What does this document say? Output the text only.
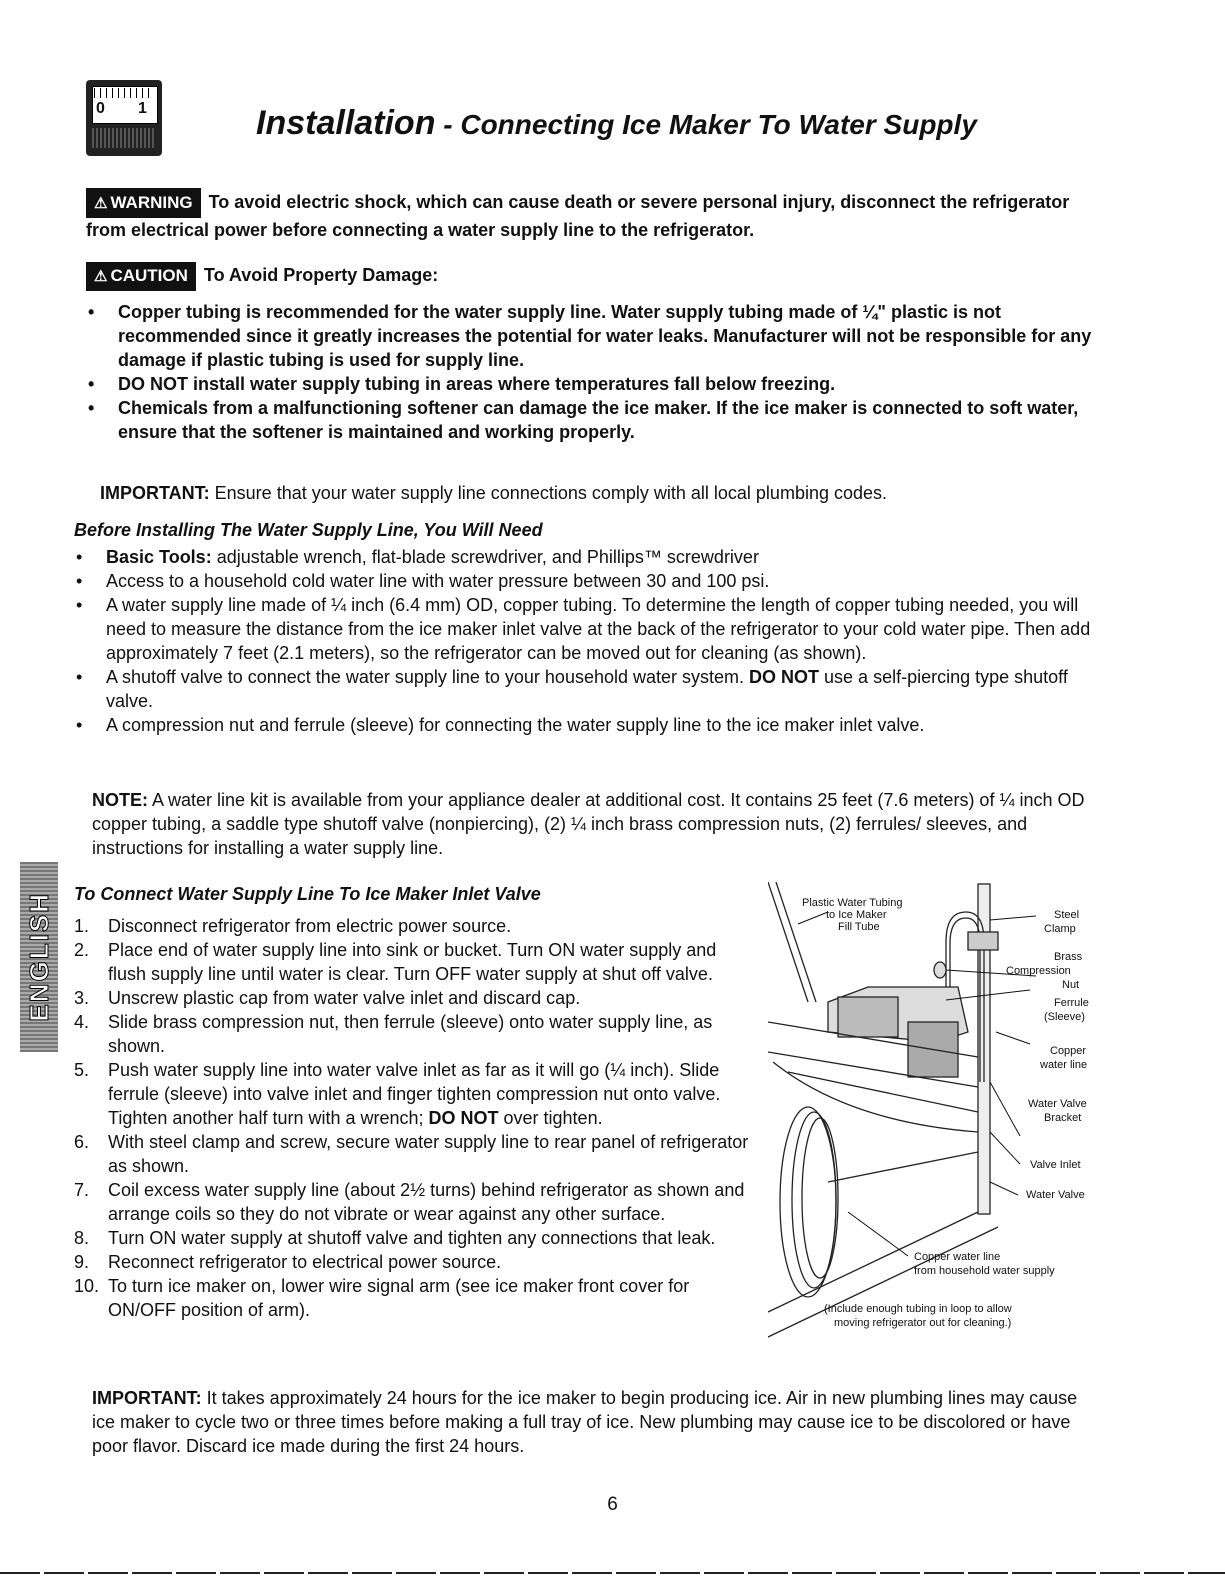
0 1	Installation - Connecting Ice Maker To Water Supply
⚠ WARNING To avoid electric shock, which can cause death or severe personal injury, disconnect the refrigerator from electrical power before connecting a water supply line to the refrigerator.
⚠ CAUTION To Avoid Property Damage:
• Copper tubing is recommended for the water supply line. Water supply tubing made of ¼" plastic is not recommended since it greatly increases the potential for water leaks. Manufacturer will not be responsible for any damage if plastic tubing is used for supply line.
• DO NOT install water supply tubing in areas where temperatures fall below freezing.
• Chemicals from a malfunctioning softener can damage the ice maker. If the ice maker is connected to soft water, ensure that the softener is maintained and working properly.
IMPORTANT: Ensure that your water supply line connections comply with all local plumbing codes.
Before Installing The Water Supply Line, You Will Need
• Basic Tools: adjustable wrench, flat-blade screwdriver, and Phillips™ screwdriver
• Access to a household cold water line with water pressure between 30 and 100 psi.
• A water supply line made of ¼ inch (6.4 mm) OD, copper tubing. To determine the length of copper tubing needed, you will need to measure the distance from the ice maker inlet valve at the back of the refrigerator to your cold water pipe. Then add approximately 7 feet (2.1 meters), so the refrigerator can be moved out for cleaning (as shown).
• A shutoff valve to connect the water supply line to your household water system. DO NOT use a self-piercing type shutoff valve.
• A compression nut and ferrule (sleeve) for connecting the water supply line to the ice maker inlet valve.
NOTE: A water line kit is available from your appliance dealer at additional cost. It contains 25 feet (7.6 meters) of ¼ inch OD copper tubing, a saddle type shutoff valve (nonpiercing), (2) ¼ inch brass compression nuts, (2) ferrules/ sleeves, and instructions for installing a water supply line.
ENGLISH To Connect Water Supply Line To Ice Maker Inlet Valve
1. Disconnect refrigerator from electric power source.
2. Place end of water supply line into sink or bucket. Turn ON water supply and flush supply line until water is clear. Turn OFF water supply at shut off valve.
3. Unscrew plastic cap from water valve inlet and discard cap.
4. Slide brass compression nut, then ferrule (sleeve) onto water supply line, as shown.
5. Push water supply line into water valve inlet as far as it will go (¼ inch). Slide ferrule (sleeve) into valve inlet and finger tighten compression nut onto valve. Tighten another half turn with a wrench; DO NOT over tighten.
6. With steel clamp and screw, secure water supply line to rear panel of refrigerator as shown.
7. Coil excess water supply line (about 2½ turns) behind refrigerator as shown and arrange coils so they do not vibrate or wear against any other surface.
8. Turn ON water supply at shutoff valve and tighten any connections that leak.
9. Reconnect refrigerator to electrical power source.
10. To turn ice maker on, lower wire signal arm (see ice maker front cover for ON/OFF position of arm).
Plastic Water Tubing
to Ice Maker
Fill Tube
Steel
Clamp
Brass
Compression
Nut
Ferrule
(Sleeve)
Copper
water line
Water Valve
Bracket
Valve Inlet
Water Valve
Copper water line
from household water supply
(Include enough tubing in loop to allow
moving refrigerator out for cleaning.)
IMPORTANT: It takes approximately 24 hours for the ice maker to begin producing ice. Air in new plumbing lines may cause ice maker to cycle two or three times before making a full tray of ice. New plumbing may cause ice to be discolored or have poor flavor. Discard ice made during the first 24 hours.
6
